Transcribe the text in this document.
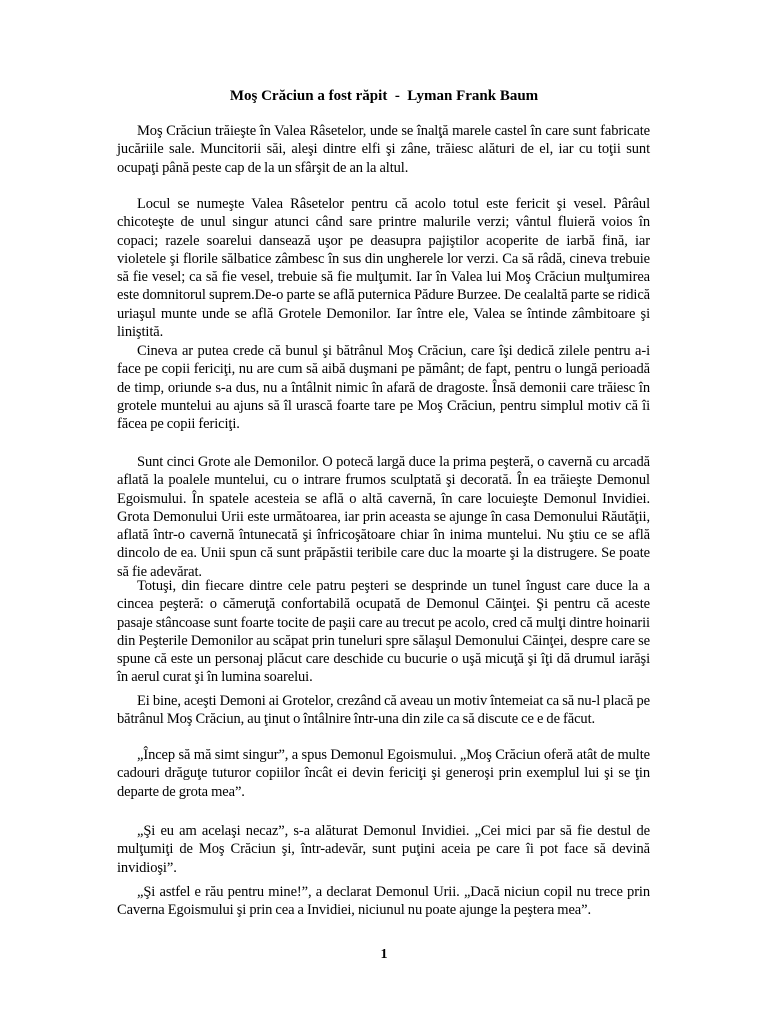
Moş Crăciun a fost răpit  -  Lyman Frank Baum
Moş Crăciun trăieşte în Valea Râsetelor, unde se înalţă marele castel în care sunt fabricate jucăriile sale. Muncitorii săi, aleşi dintre elfi şi zâne, trăiesc alături de el, iar cu toţii sunt ocupaţi până peste cap de la un sfârşit de an la altul.
Locul se numeşte Valea Râsetelor pentru că acolo totul este fericit şi vesel. Pârâul chicoteşte de unul singur atunci când sare printre malurile verzi; vântul fluieră voios în copaci; razele soarelui dansează uşor pe deasupra pajiştilor acoperite de iarbă fină, iar violetele şi florile sălbatice zâmbesc în sus din ungherele lor verzi. Ca să râdă, cineva trebuie să fie vesel; ca să fie vesel, trebuie să fie mulţumit. Iar în Valea lui Moş Crăciun mulţumirea este domnitorul suprem.De-o parte se află puternica Pădure Burzee. De cealaltă parte se ridică uriaşul munte unde se află Grotele Demonilor. Iar între ele, Valea se întinde zâmbitoare şi liniştită.
Cineva ar putea crede că bunul şi bătrânul Moş Crăciun, care îşi dedică zilele pentru a-i face pe copii fericiţi, nu are cum să aibă duşmani pe pământ; de fapt, pentru o lungă perioadă de timp, oriunde s-a dus, nu a întâlnit nimic în afară de dragoste. Însă demonii care trăiesc în grotele muntelui au ajuns să îl urască foarte tare pe Moş Crăciun, pentru simplul motiv că îi făcea pe copii fericiţi.
Sunt cinci Grote ale Demonilor. O potecă largă duce la prima peşteră, o cavernă cu arcadă aflată la poalele muntelui, cu o intrare frumos sculptată şi decorată. În ea trăieşte Demonul Egoismului. În spatele acesteia se află o altă cavernă, în care locuieşte Demonul Invidiei. Grota Demonului Urii este următoarea, iar prin aceasta se ajunge în casa Demonului Răutăţii, aflată într-o cavernă întunecată şi înfricoşătoare chiar în inima muntelui. Nu ştiu ce se află dincolo de ea. Unii spun că sunt prăpăstii teribile care duc la moarte şi la distrugere. Se poate să fie adevărat.
Totuşi, din fiecare dintre cele patru peşteri se desprinde un tunel îngust care duce la a cincea peşteră: o cămeruţă confortabilă ocupată de Demonul Căinţei. Şi pentru că aceste pasaje stâncoase sunt foarte tocite de paşii care au trecut pe acolo, cred că mulţi dintre hoinarii din Peşterile Demonilor au scăpat prin tuneluri spre sălaşul Demonului Căinţei, despre care se spune că este un personaj plăcut care deschide cu bucurie o uşă micuţă şi îţi dă drumul iarăşi în aerul curat şi în lumina soarelui.
Ei bine, aceşti Demoni ai Grotelor, crezând că aveau un motiv întemeiat ca să nu-l placă pe bătrânul Moş Crăciun, au ţinut o întâlnire într-una din zile ca să discute ce e de făcut.
„Încep să mă simt singur”, a spus Demonul Egoismului. „Moş Crăciun oferă atât de multe cadouri drăguţe tuturor copiilor încât ei devin fericiţi şi generoşi prin exemplul lui şi se ţin departe de grota mea”.
„Şi eu am acelaşi necaz”, s-a alăturat Demonul Invidiei. „Cei mici par să fie destul de mulţumiţi de Moş Crăciun şi, într-adevăr, sunt puţini aceia pe care îi pot face să devină invidioşi”.
„Şi astfel e rău pentru mine!”, a declarat Demonul Urii. „Dacă niciun copil nu trece prin Caverna Egoismului şi prin cea a Invidiei, niciunul nu poate ajunge la peştera mea”.
1
